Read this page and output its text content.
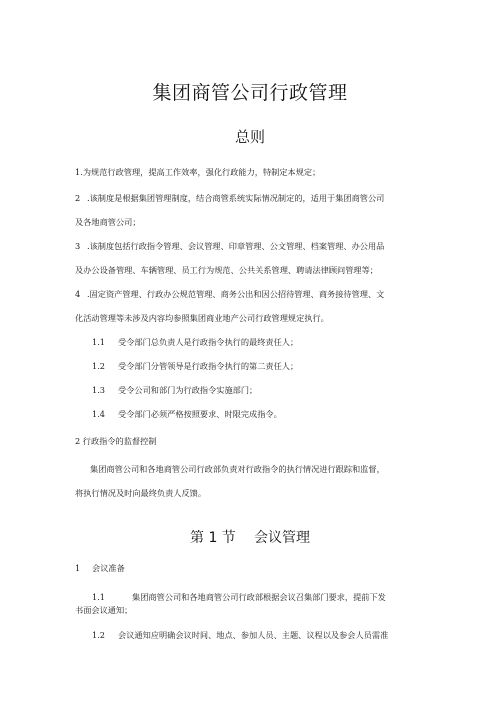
集团商管公司行政管理
总则
1.为规范行政管理，提高工作效率，强化行政能力，特制定本规定；
2 .该制度是根据集团管理制度，结合商管系统实际情况制定的，适用于集团商管公司
及各地商管公司；
3 .该制度包括行政指令管理、会议管理、印章管理、公文管理、档案管理、办公用品
及办公设备管理、车辆管理、员工行为规范、公共关系管理、聘请法律顾问管理等；
4 .固定资产管理、行政办公规范管理、商务公出和因公招待管理、商务接待管理、文
化活动管理等未涉及内容均参照集团商业地产公司行政管理规定执行。
1.1 受令部门总负责人是行政指令执行的最终责任人；
1.2 受令部门分管领导是行政指令执行的第二责任人；
1.3 受令公司和部门为行政指令实施部门；
1.4 受令部门必须严格按照要求、时限完成指令。
2 行政指令的监督控制
集团商管公司和各地商管公司行政部负责对行政指令的执行情况进行跟踪和监督，
将执行情况及时向最终负责人反馈。
第 1 节 会议管理
1 会议准备
1.1	集团商管公司和各地商管公司行政部根据会议召集部门要求，提前下发
书面会议通知；
1.2 会议通知应明确会议时间、地点、参加人员、主题、议程以及参会人员需准
